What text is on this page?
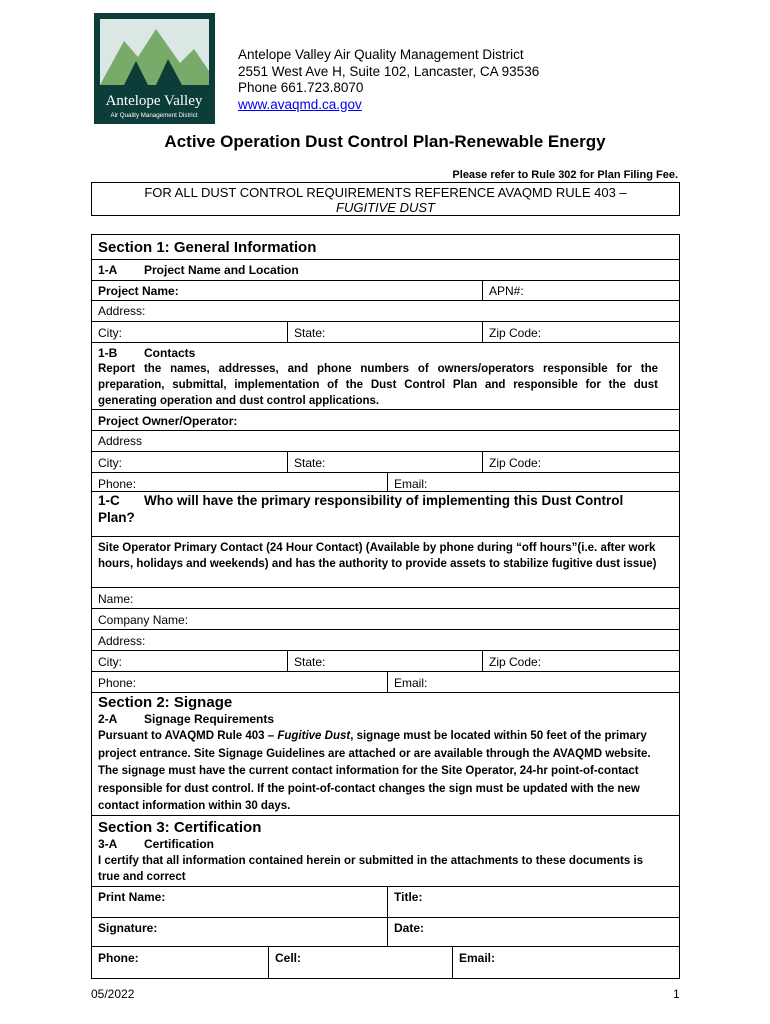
Antelope Valley
Air Quality Management District
Antelope Valley Air Quality Management District
2551 West Ave H, Suite 102, Lancaster, CA 93536
Phone 661.723.8070
www.avaqmd.ca.gov
Active Operation Dust Control Plan-Renewable Energy
Please refer to Rule 302 for Plan Filing Fee.
FOR ALL DUST CONTROL REQUIREMENTS REFERENCE AVAQMD RULE 403 –
FUGITIVE DUST
Section 1: General Information
1-A Project Name and Location
Project Name:	APN#:
Address:
City:	State:	Zip Code:
1-B Contacts
Report the names, addresses, and phone numbers of owners/operators responsible for the preparation, submittal, implementation of the Dust Control Plan and responsible for the dust generating operation and dust control applications.
Project Owner/Operator:
Address
City:	State:	Zip Code:
Phone:	Email:
1-C Who will have the primary responsibility of implementing this Dust Control
Plan?
Site Operator Primary Contact (24 Hour Contact) (Available by phone during “off hours”(i.e. after work hours, holidays and weekends) and has the authority to provide assets to stabilize fugitive dust issue)
Name:
Company Name:
Address:
City:	State:	Zip Code:
Phone:	Email:
Section 2: Signage
2-A Signage Requirements
Pursuant to AVAQMD Rule 403 – Fugitive Dust, signage must be located within 50 feet of the primary project entrance. Site Signage Guidelines are attached or are available through the AVAQMD website. The signage must have the current contact information for the Site Operator, 24-hr point-of-contact responsible for dust control. If the point-of-contact changes the sign must be updated with the new contact information within 30 days.
Section 3: Certification
3-A Certification
I certify that all information contained herein or submitted in the attachments to these documents is true and correct
Print Name:	Title:
Signature:	Date:
Phone:	Cell:	Email:
05/2022	1
